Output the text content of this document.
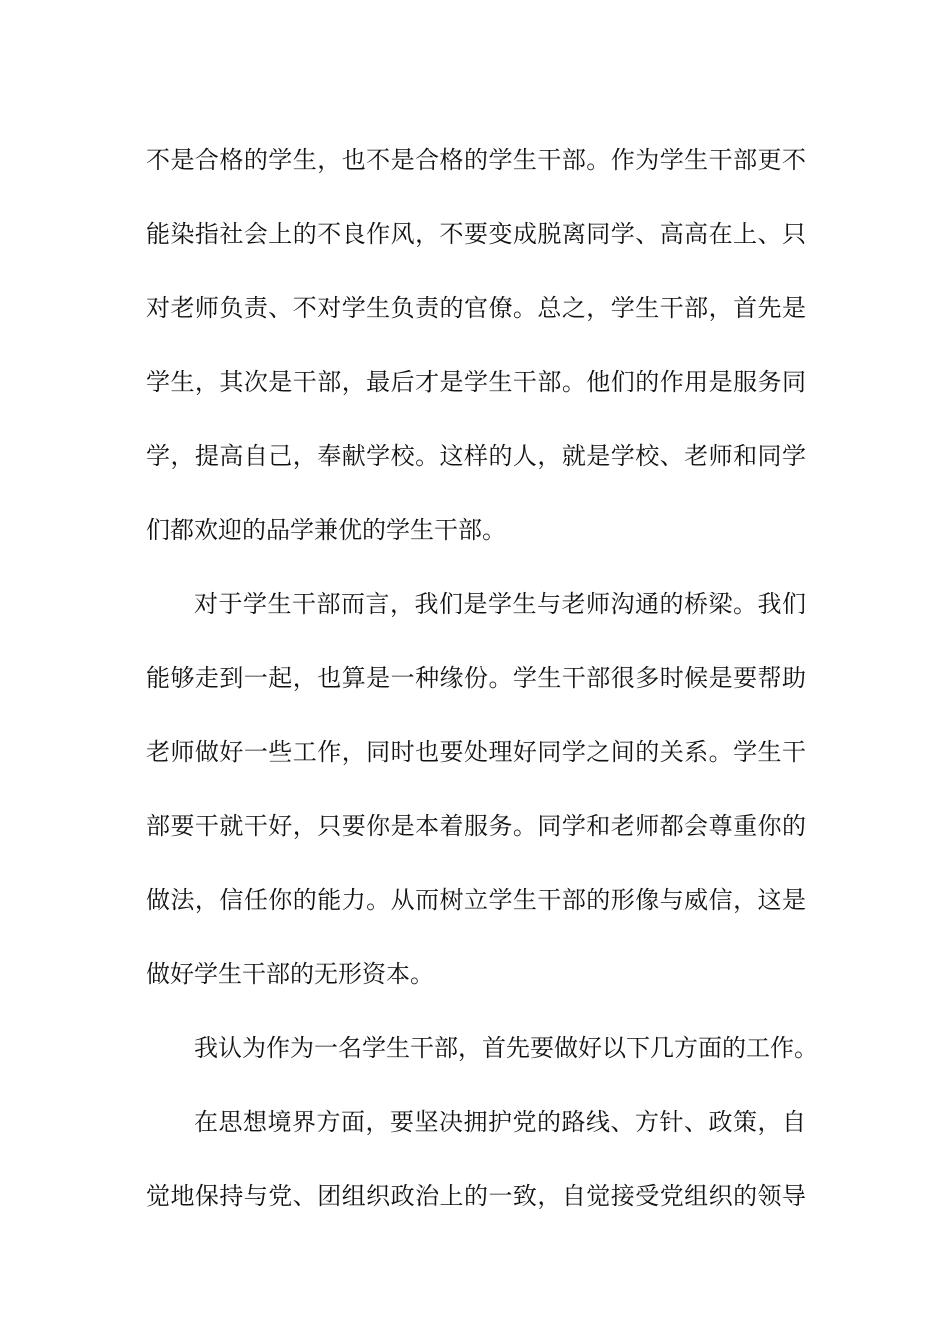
不是合格的学生，也不是合格的学生干部。作为学生干部更不
能染指社会上的不良作风，不要变成脱离同学、高高在上、只
对老师负责、不对学生负责的官僚。总之，学生干部，首先是
学生，其次是干部，最后才是学生干部。他们的作用是服务同
学，提高自己，奉献学校。这样的人，就是学校、老师和同学
们都欢迎的品学兼优的学生干部。
对于学生干部而言，我们是学生与老师沟通的桥梁。我们
能够走到一起，也算是一种缘份。学生干部很多时候是要帮助
老师做好一些工作，同时也要处理好同学之间的关系。学生干
部要干就干好，只要你是本着服务。同学和老师都会尊重你的
做法，信任你的能力。从而树立学生干部的形像与威信，这是
做好学生干部的无形资本。
我认为作为一名学生干部，首先要做好以下几方面的工作。
在思想境界方面，要坚决拥护党的路线、方针、政策，自
觉地保持与党、团组织政治上的一致，自觉接受党组织的领导
